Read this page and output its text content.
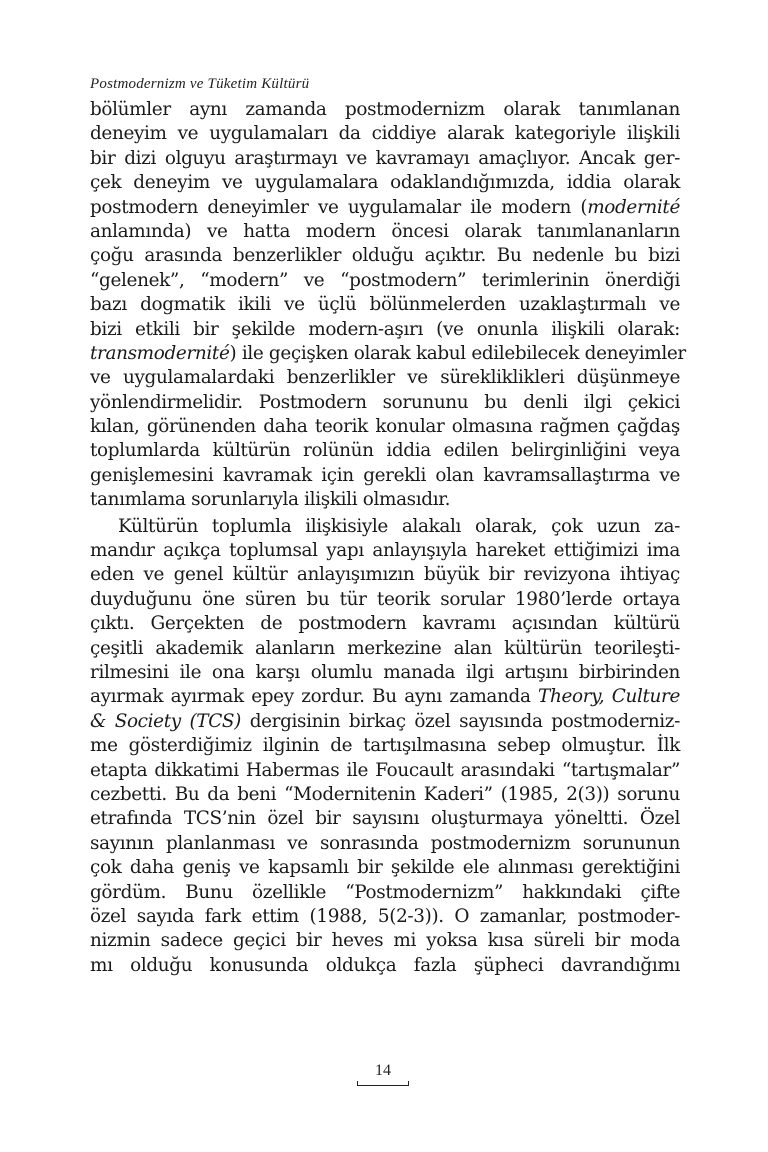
Postmodernizm ve Tüketim Kültürü
bölümler aynı zamanda postmodernizm olarak tanımlanan
deneyim ve uygulamaları da ciddiye alarak kategoriyle ilişkili
bir dizi olguyu araştırmayı ve kavramayı amaçlıyor. Ancak ger-
çek deneyim ve uygulamalara odaklandığımızda, iddia olarak
postmodern deneyimler ve uygulamalar ile modern (modernité
anlamında) ve hatta modern öncesi olarak tanımlananların
çoğu arasında benzerlikler olduğu açıktır. Bu nedenle bu bizi
“gelenek”, “modern” ve “postmodern” terimlerinin önerdiği
bazı dogmatik ikili ve üçlü bölünmelerden uzaklaştırmalı ve
bizi etkili bir şekilde modern-aşırı (ve onunla ilişkili olarak:
transmodernité) ile geçişken olarak kabul edilebilecek deneyimler
ve uygulamalardaki benzerlikler ve sürekliklikleri düşünmeye
yönlendirmelidir. Postmodern sorununu bu denli ilgi çekici
kılan, görünenden daha teorik konular olmasına rağmen çağdaş
toplumlarda kültürün rolünün iddia edilen belirginliğini veya
genişlemesini kavramak için gerekli olan kavramsallaştırma ve
tanımlama sorunlarıyla ilişkili olmasıdır.
Kültürün toplumla ilişkisiyle alakalı olarak, çok uzun za-
mandır açıkça toplumsal yapı anlayışıyla hareket ettiğimizi ima
eden ve genel kültür anlayışımızın büyük bir revizyona ihtiyaç
duyduğunu öne süren bu tür teorik sorular 1980’lerde ortaya
çıktı. Gerçekten de postmodern kavramı açısından kültürü
çeşitli akademik alanların merkezine alan kültürün teorileşti-
rilmesini ile ona karşı olumlu manada ilgi artışını birbirinden
ayırmak ayırmak epey zordur. Bu aynı zamanda Theory, Culture
& Society (TCS) dergisinin birkaç özel sayısında postmoderniz-
me gösterdiğimiz ilginin de tartışılmasına sebep olmuştur. İlk
etapta dikkatimi Habermas ile Foucault arasındaki “tartışmalar”
cezbetti. Bu da beni “Modernitenin Kaderi” (1985, 2(3)) sorunu
etrafında TCS’nin özel bir sayısını oluşturmaya yöneltti. Özel
sayının planlanması ve sonrasında postmodernizm sorununun
çok daha geniş ve kapsamlı bir şekilde ele alınması gerektiğini
gördüm. Bunu özellikle “Postmodernizm” hakkındaki çifte
özel sayıda fark ettim (1988, 5(2-3)). O zamanlar, postmoder-
nizmin sadece geçici bir heves mi yoksa kısa süreli bir moda
mı olduğu konusunda oldukça fazla şüpheci davrandığımı
14
